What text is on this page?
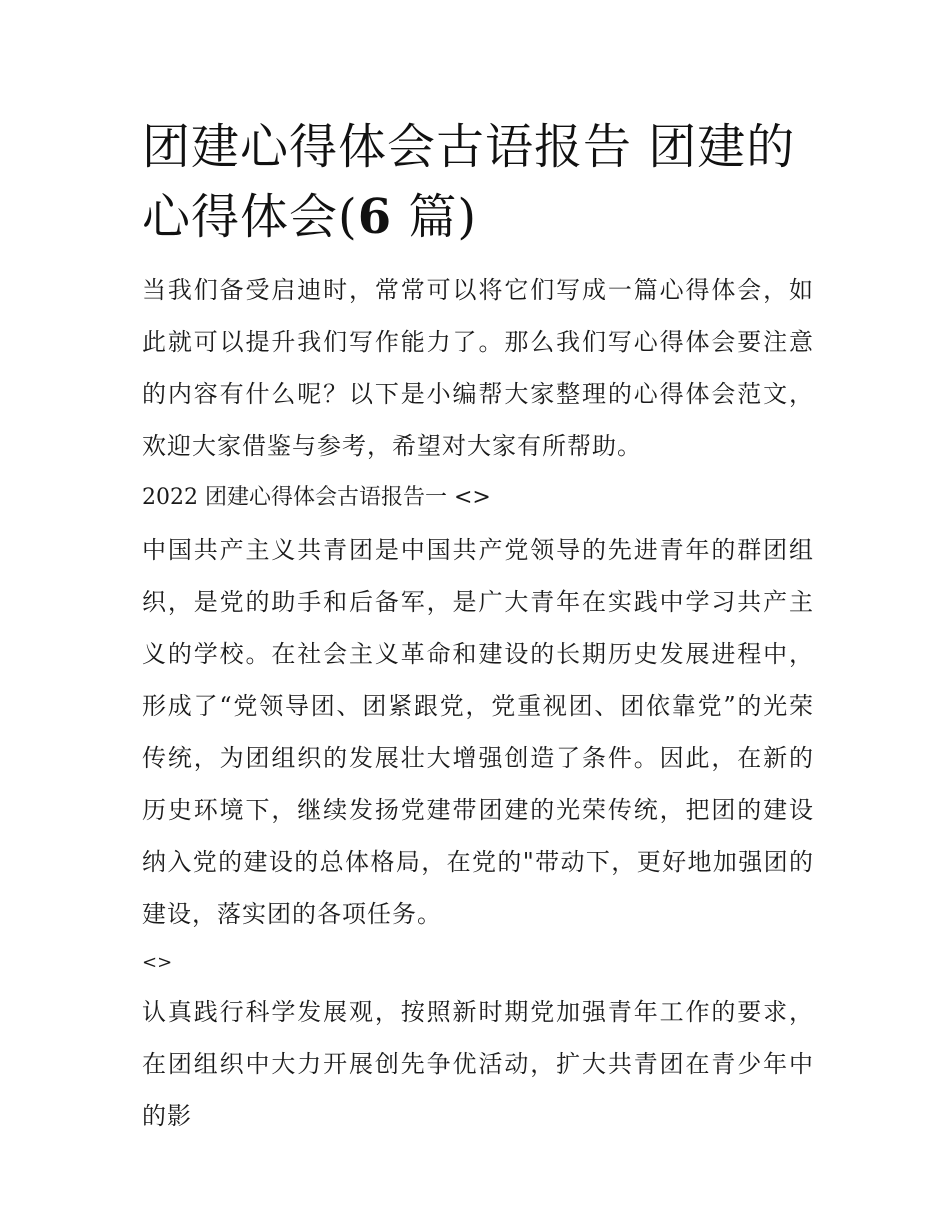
团建心得体会古语报告 团建的心得体会(6 篇)

当我们备受启迪时，常常可以将它们写成一篇心得体会，如此就可以提升我们写作能力了。那么我们写心得体会要注意的内容有什么呢？以下是小编帮大家整理的心得体会范文，欢迎大家借鉴与参考，希望对大家有所帮助。

2022 团建心得体会古语报告一 <>

中国共产主义共青团是中国共产党领导的先进青年的群团组织，是党的助手和后备军，是广大青年在实践中学习共产主义的学校。在社会主义革命和建设的长期历史发展进程中，形成了“党领导团、团紧跟党，党重视团、团依靠党”的光荣传统，为团组织的发展壮大增强创造了条件。因此，在新的历史环境下，继续发扬党建带团建的光荣传统，把团的建设纳入党的建设的总体格局，在党的"带动下，更好地加强团的建设，落实团的各项任务。

<>

认真践行科学发展观，按照新时期党加强青年工作的要求，在团组织中大力开展创先争优活动，扩大共青团在青少年中的影
